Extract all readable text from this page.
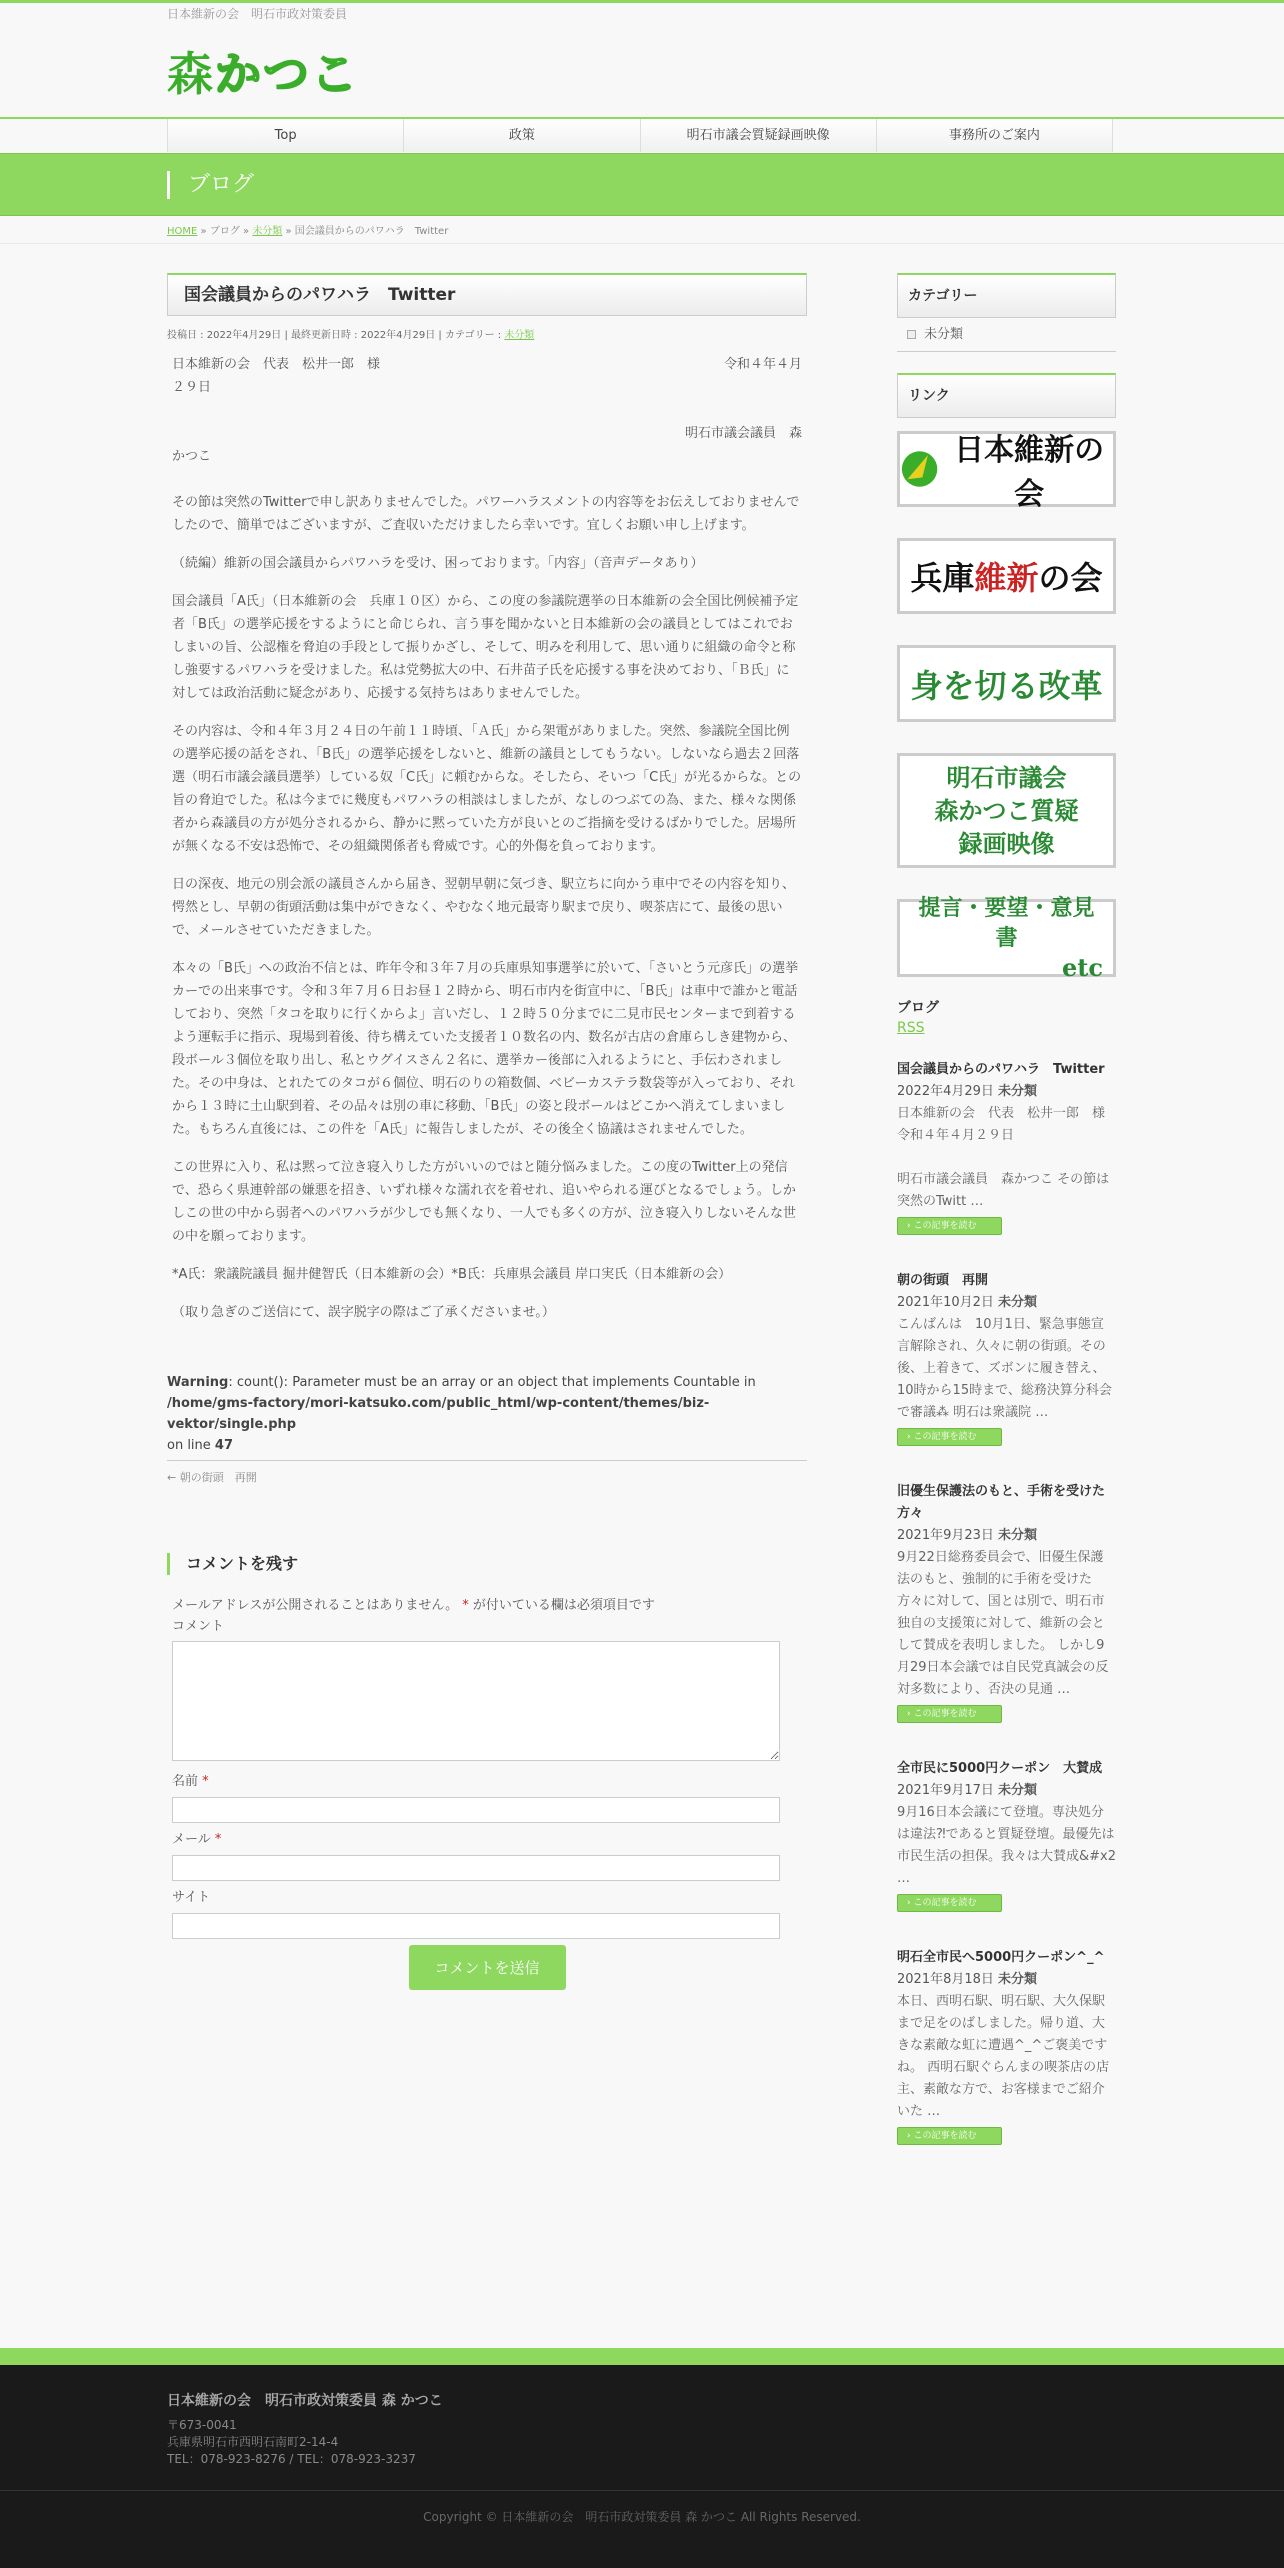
日本維新の会　明石市政対策委員
森 かつこ
Top	政策	明石市議会質疑録画映像	事務所のご案内
ブログ
HOME » ブログ » 未分類 » 国会議員からのパワハラ　Twitter
国会議員からのパワハラ　Twitter
投稿日 : 2022年4月29日 | 最終更新日時 : 2022年4月29日 | カテゴリー : 未分類
日本維新の会　代表　松井一郎　様	令和４年４月

２９日

明石市議会議員　森

かつこ

その節は突然のTwitterで申し訳ありませんでした。パワーハラスメントの内容等をお伝えしておりませんでしたので、簡単ではございますが、ご査収いただけましたら幸いです。宜しくお願い申し上げます。

（続編）維新の国会議員からパワハラを受け、困っております。「内容」（音声データあり）

国会議員「A氏」（日本維新の会　兵庫１０区）から、この度の参議院選挙の日本維新の会全国比例候補予定者「B氏」の選挙応援をするようにと命じられ、言う事を聞かないと日本維新の会の議員としてはこれでおしまいの旨、公認権を脅迫の手段として振りかざし、そして、明みを利用して、思い通りに組織の命令と称し強要するパワハラを受けました。私は党勢拡大の中、石井苗子氏を応援する事を決めており、「Ｂ氏」に対しては政治活動に疑念があり、応援する気持ちはありませんでした。

その内容は、令和４年３月２４日の午前１１時頃、「Ａ氏」から架電がありました。突然、参議院全国比例の選挙応援の話をされ、「B氏」の選挙応援をしないと、維新の議員としてもうない。しないなら過去２回落選（明石市議会議員選挙）している奴「C氏」に頼むからな。そしたら、そいつ「C氏」が光るからな。との旨の脅迫でした。私は今までに幾度もパワハラの相談はしましたが、なしのつぶての為、また、様々な関係者から森議員の方が処分されるから、静かに黙っていた方が良いとのご指摘を受けるばかりでした。居場所が無くなる不安は恐怖で、その組織関係者も脅威です。心的外傷を負っております。

日の深夜、地元の別会派の議員さんから届き、翌朝早朝に気づき、駅立ちに向かう車中でその内容を知り、愕然とし、早朝の街頭活動は集中ができなく、やむなく地元最寄り駅まで戻り、喫茶店にて、最後の思いで、メールさせていただきました。

本々の「B氏」への政治不信とは、昨年令和３年７月の兵庫県知事選挙に於いて、「さいとう元彦氏」の選挙カーでの出来事です。令和３年７月６日お昼１２時から、明石市内を街宣中に、「B氏」は車中で誰かと電話しており、突然「タコを取りに行くからよ」言いだし、１２時５０分までに二見市民センターまで到着するよう運転手に指示、現場到着後、待ち構えていた支援者１０数名の内、数名が古店の倉庫らしき建物から、段ボール３個位を取り出し、私とウグイスさん２名に、選挙カー後部に入れるようにと、手伝わされました。その中身は、とれたてのタコが６個位、明石のりの箱数個、ベビーカステラ数袋等が入っており、それから１３時に土山駅到着、その品々は別の車に移動、「B氏」の姿と段ボールはどこかへ消えてしまいました。もちろん直後には、この件を「A氏」に報告しましたが、その後全く協議はされませんでした。

この世界に入り、私は黙って泣き寝入りした方がいいのではと随分悩みました。この度のTwitter上の発信で、恐らく県連幹部の嫌悪を招き、いずれ様々な濡れ衣を着せれ、追いやられる運びとなるでしょう。しかしこの世の中から弱者へのパワハラが少しでも無くなり、一人でも多くの方が、泣き寝入りしないそんな世の中を願っております。

*A氏：衆議院議員 掘井健智氏（日本維新の会）*B氏：兵庫県会議員 岸口実氏（日本維新の会）

（取り急ぎのご送信にて、誤字脱字の際はご了承くださいませ。）

Warning: count(): Parameter must be an array or an object that implements Countable in
/home/gms-factory/mori-katsuko.com/public_html/wp-content/themes/biz-vektor/single.php
on line 47
← 朝の街頭　再開
コメントを残す
メールアドレスが公開されることはありません。 * が付いている欄は必須項目です
コメント
名前 *
メール *
サイト
コメントを送信
カテゴリー
未分類
リンク
日本維新の会
兵庫 維新 の会
身を切る改革
明石市議会
森かつこ質疑
録画映像
提言・要望・意見書
etc
ブログ
RSS
国会議員からのパワハラ　Twitter
2022年4月29日 未分類
日本維新の会　代表　松井一郎　様
令和４年４月２９日

明石市議会議員　森かつこ その節は突然のTwitt …
› この記事を読む
朝の街頭　再開
2021年10月2日 未分類
こんばんは　10月1日、緊急事態宣言解除され、久々に朝の街頭。その後、上着きて、ズボンに履き替え、10時から15時まで、総務決算分科会で審議⁂ 明石は衆議院 …
› この記事を読む
旧優生保護法のもと、手術を受けた方々
2021年9月23日 未分類
9月22日総務委員会で、旧優生保護法のもと、強制的に手術を受けた方々に対して、国とは別で、明石市独自の支援策に対して、維新の会として賛成を表明しました。 しかし9月29日本会議では自民党真誠会の反対多数により、否決の見通 …
› この記事を読む
全市民に5000円クーポン　大賛成
2021年9月17日 未分類
9月16日本会議にて登壇。専決処分は違法⁈であると質疑登壇。最優先は市民生活の担保。我々は大賛成&#x2 …
› この記事を読む
明石全市民へ5000円クーポン^_^
2021年8月18日 未分類
本日、西明石駅、明石駅、大久保駅まで足をのばしました。帰り道、大きな素敵な虹に遭遇^_^ご褒美ですね。 西明石駅ぐらんまの喫茶店の店主、素敵な方で、お客様までご紹介いた …
› この記事を読む
日本維新の会　明石市政対策委員 森 かつこ
〒673-0041
兵庫県明石市西明石南町2-14-4
TEL：078-923-8276 / TEL：078-923-3237
Copyright © 日本維新の会　明石市政対策委員 森 かつこ All Rights Reserved.
